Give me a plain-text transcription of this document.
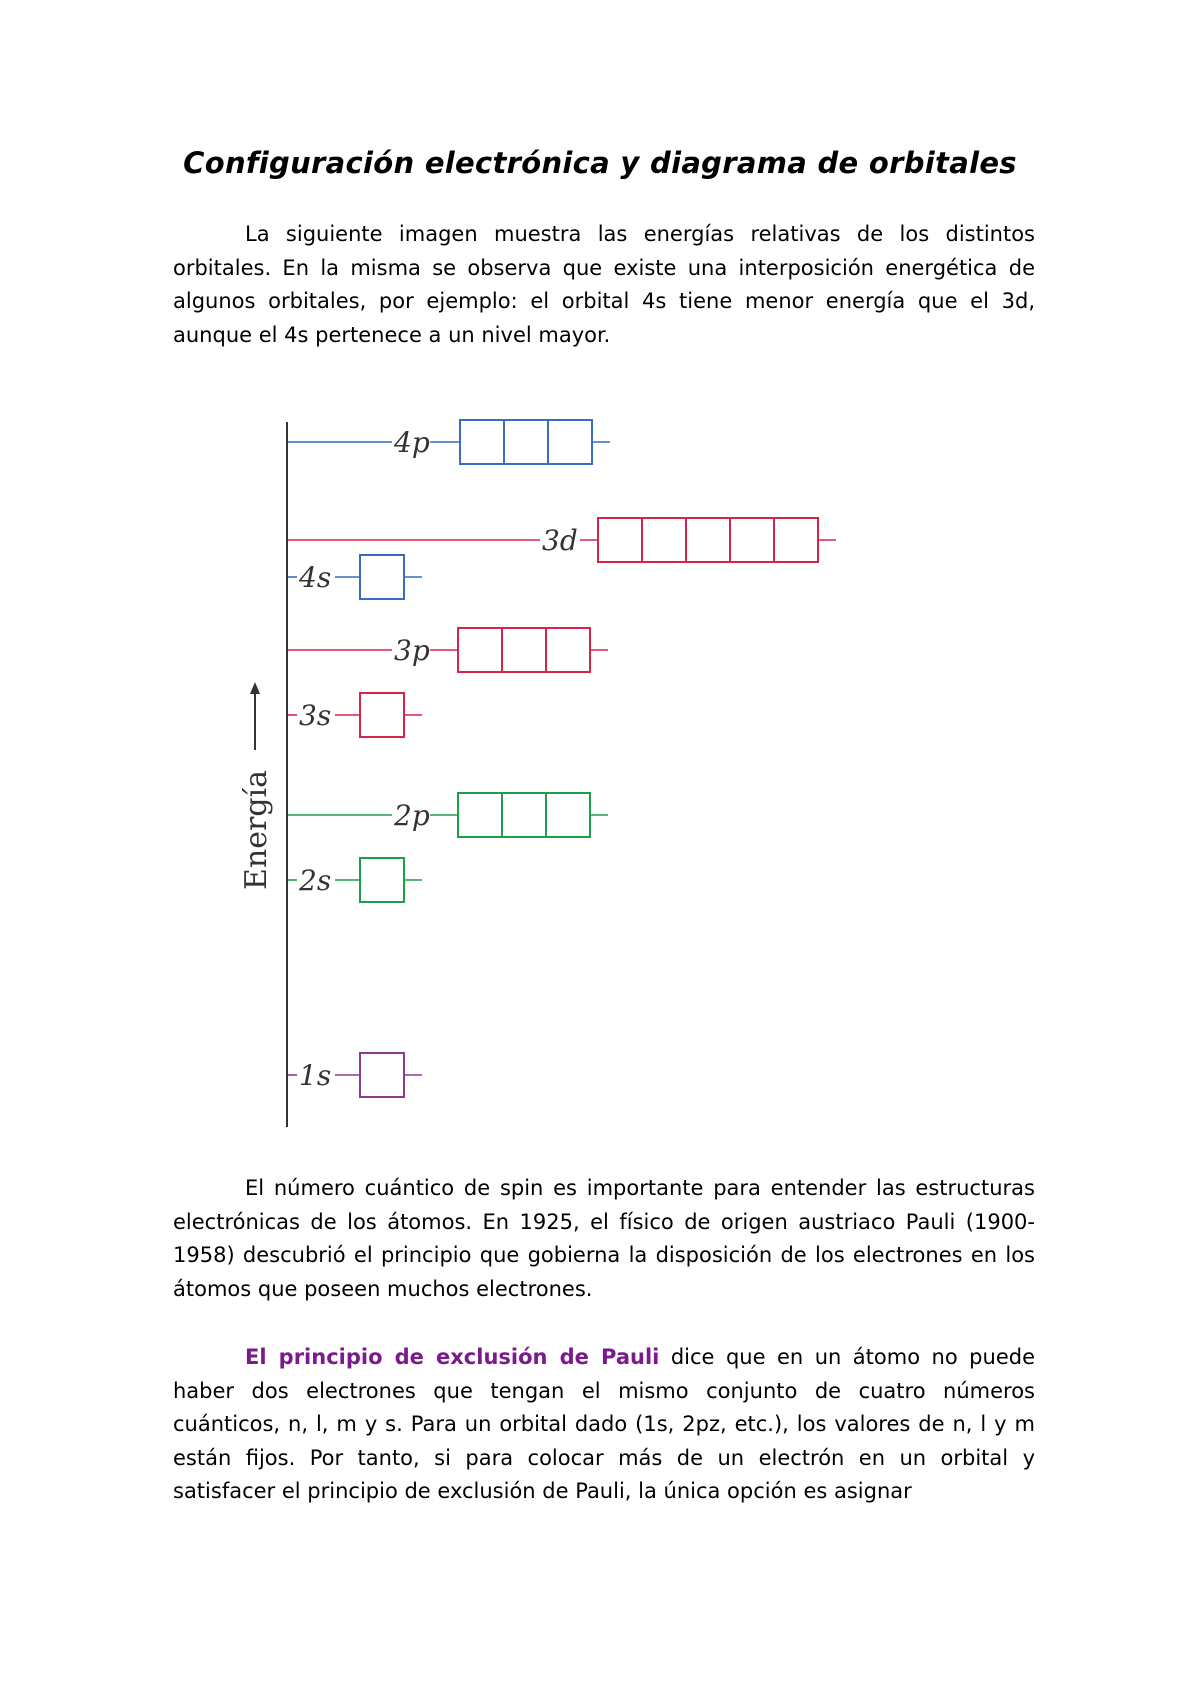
Configuración electrónica y diagrama de orbitales

La siguiente imagen muestra las energías relativas de los distintos orbitales. En la misma se observa que existe una interposición energética de algunos orbitales, por ejemplo: el orbital 4s tiene menor energía que el 3d, aunque el 4s pertenece a un nivel mayor.

Energía
4p
3d
4s
3p
3s
2p
2s
1s

El número cuántico de spin es importante para entender las estructuras electrónicas de los átomos. En 1925, el físico de origen austriaco Pauli (1900-1958) descubrió el principio que gobierna la disposición de los electrones en los átomos que poseen muchos electrones.

El principio de exclusión de Pauli dice que en un átomo no puede haber dos electrones que tengan el mismo conjunto de cuatro números cuánticos, n, l, m y s. Para un orbital dado (1s, 2pz, etc.), los valores de n, l y m están fijos. Por tanto, si para colocar más de un electrón en un orbital y satisfacer el principio de exclusión de Pauli, la única opción es asignar
